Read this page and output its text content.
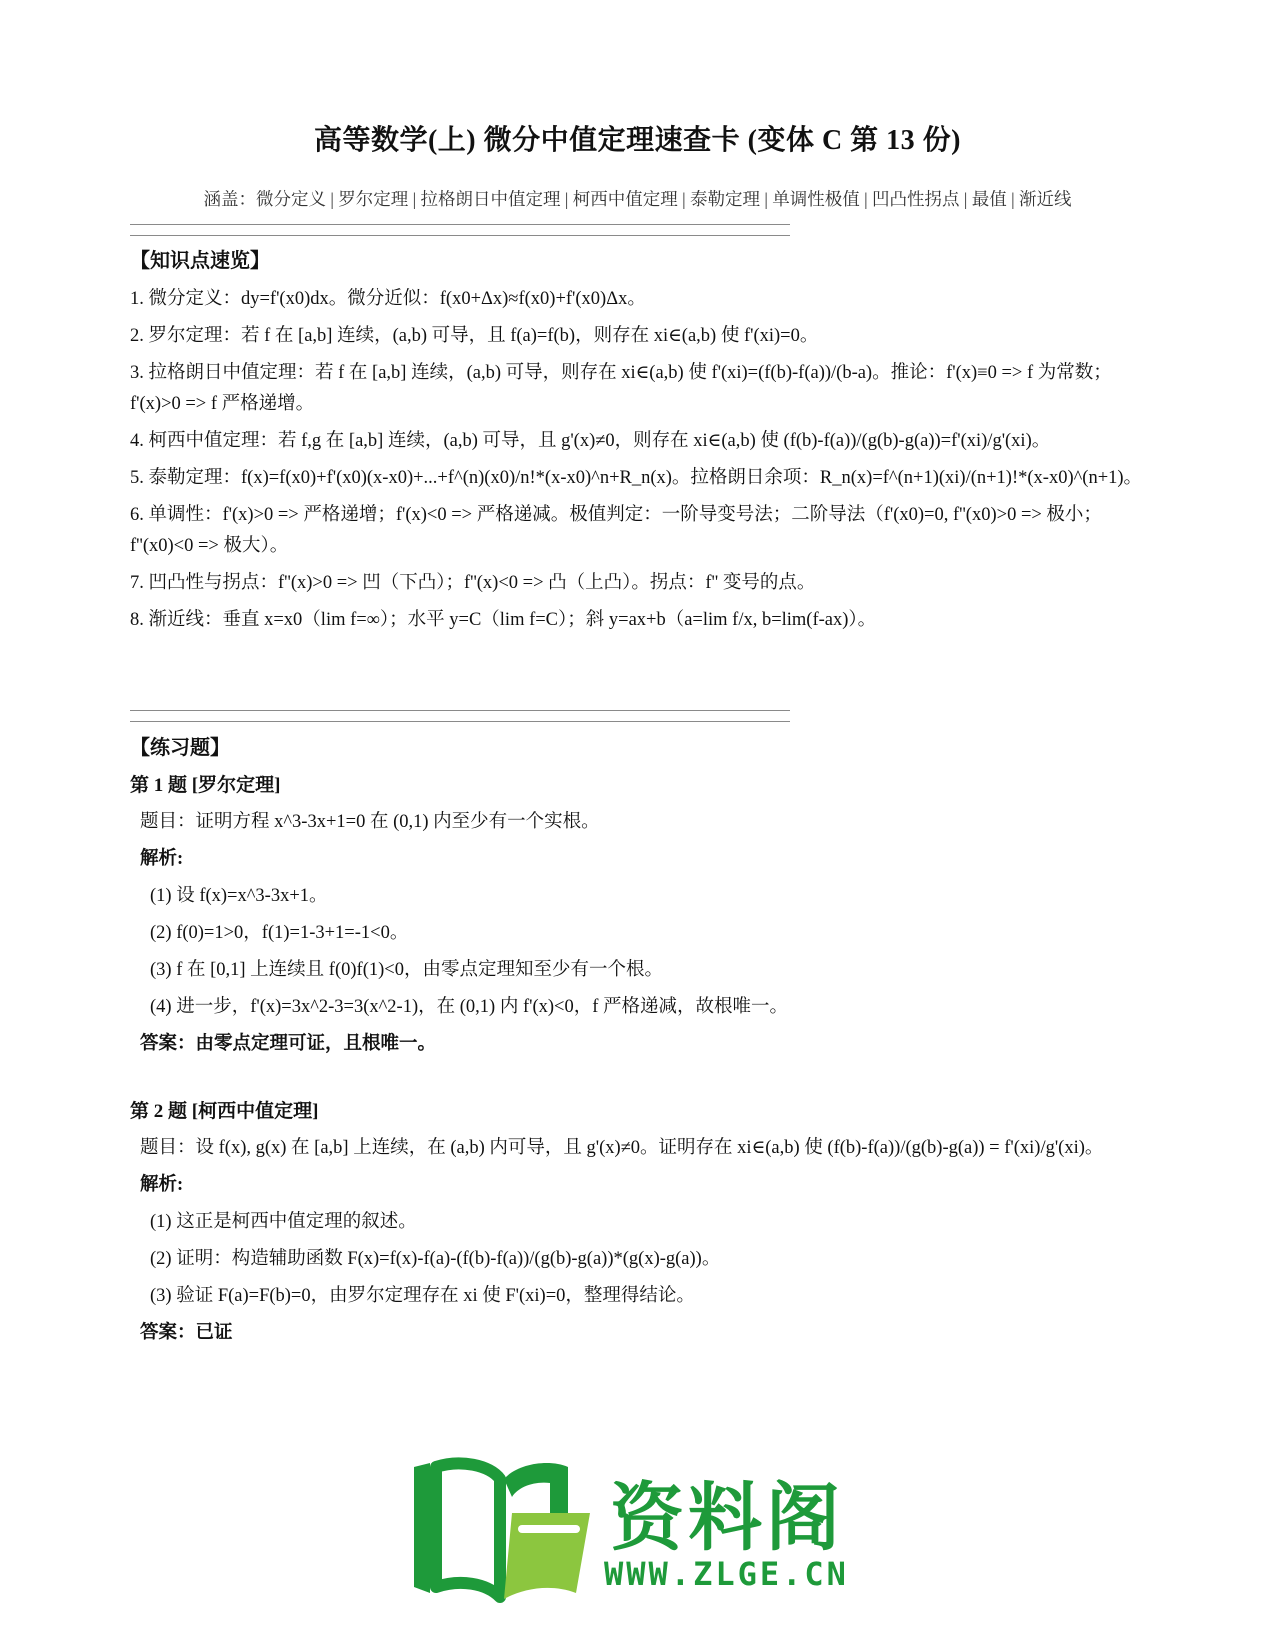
高等数学(上) 微分中值定理速查卡 (变体 C 第 13 份)
涵盖：微分定义 | 罗尔定理 | 拉格朗日中值定理 | 柯西中值定理 | 泰勒定理 | 单调性极值 | 凹凸性拐点 | 最值 | 渐近线
【知识点速览】

1. 微分定义：dy=f'(x0)dx。微分近似：f(x0+Δx)≈f(x0)+f'(x0)Δx。

2. 罗尔定理：若 f 在 [a,b] 连续，(a,b) 可导，且 f(a)=f(b)，则存在 xi∈(a,b) 使 f'(xi)=0。

3. 拉格朗日中值定理：若 f 在 [a,b] 连续，(a,b) 可导，则存在 xi∈(a,b) 使 f'(xi)=(f(b)-f(a))/(b-a)。推论：f'(x)≡0 => f 为常数；f'(x)>0 => f 严格递增。

4. 柯西中值定理：若 f,g 在 [a,b] 连续，(a,b) 可导，且 g'(x)≠0，则存在 xi∈(a,b) 使 (f(b)-f(a))/(g(b)-g(a))=f'(xi)/g'(xi)。

5. 泰勒定理：f(x)=f(x0)+f'(x0)(x-x0)+...+f^(n)(x0)/n!*(x-x0)^n+R_n(x)。拉格朗日余项：R_n(x)=f^(n+1)(xi)/(n+1)!*(x-x0)^(n+1)。

6. 单调性：f'(x)>0 => 严格递增；f'(x)<0 => 严格递减。极值判定：一阶导变号法；二阶导法（f'(x0)=0, f''(x0)>0 => 极小；f''(x0)<0 => 极大）。

7. 凹凸性与拐点：f''(x)>0 => 凹（下凸）；f''(x)<0 => 凸（上凸）。拐点：f'' 变号的点。

8. 渐近线：垂直 x=x0（lim f=∞）；水平 y=C（lim f=C）；斜 y=ax+b（a=lim f/x, b=lim(f-ax)）。

【练习题】
第 1 题 [罗尔定理]

题目：证明方程 x^3-3x+1=0 在 (0,1) 内至少有一个实根。

解析:

(1) 设 f(x)=x^3-3x+1。

(2) f(0)=1>0，f(1)=1-3+1=-1<0。

(3) f 在 [0,1] 上连续且 f(0)f(1)<0，由零点定理知至少有一个根。

(4) 进一步，f'(x)=3x^2-3=3(x^2-1)，在 (0,1) 内 f'(x)<0，f 严格递减，故根唯一。

答案：由零点定理可证，且根唯一。

第 2 题 [柯西中值定理]

题目：设 f(x), g(x) 在 [a,b] 上连续，在 (a,b) 内可导，且 g'(x)≠0。证明存在 xi∈(a,b) 使 (f(b)-f(a))/(g(b)-g(a)) = f'(xi)/g'(xi)。

解析:

(1) 这正是柯西中值定理的叙述。

(2) 证明：构造辅助函数 F(x)=f(x)-f(a)-(f(b)-f(a))/(g(b)-g(a))*(g(x)-g(a))。

(3) 验证 F(a)=F(b)=0，由罗尔定理存在 xi 使 F'(xi)=0，整理得结论。

答案：已证

资料阁
WWW.ZLGE.CN
